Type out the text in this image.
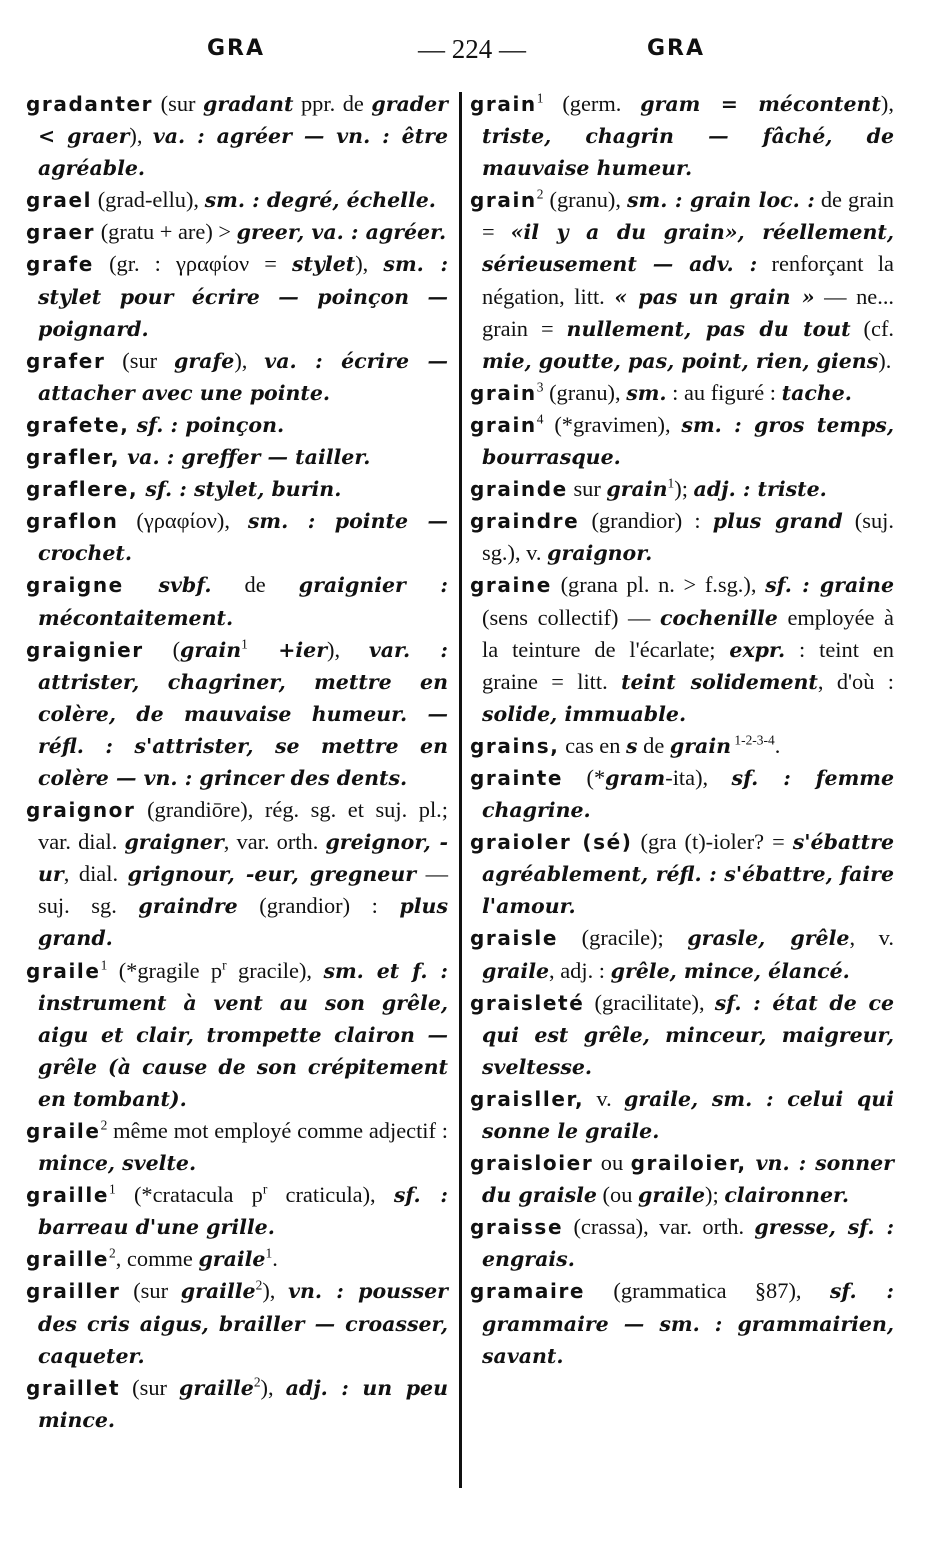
GRA	— 224 —	GRA

gradanter (sur gradant ppr. de grader < graer), va. : agréer — vn. : être agréable.

grael (grad-ellu), sm. : degré, échelle.

graer (gratu + are) > greer, va. : agréer.

grafe (gr. : γραφίον = stylet), sm. : stylet pour écrire — poinçon — poignard.

grafer (sur grafe), va. : écrire — attacher avec une pointe.

grafete, sf. : poinçon.

grafler, va. : greffer — tailler.

graflere, sf. : stylet, burin.

graflon (γραφίον), sm. : pointe — crochet.

graigne svbf. de graignier : mécontaitement.

graignier (grain$^1$ +ier), var. : attrister, chagriner, mettre en colère, de mauvaise humeur. — réfl. : s'attrister, se mettre en colère — vn. : grincer des dents.

graignor (grandiōre), rég. sg. et suj. pl.; var. dial. graigner, var. orth. greignor, -ur, dial. grignour, -eur, gregneur — suj. sg. graindre (grandior) : plus grand.

graile$^1$ (*gragile $p^r$ gracile), sm. et f. : instrument à vent au son grêle, aigu et clair, trompette clairon — grêle (à cause de son crépitement en tombant).

graile$^2$ même mot employé comme adjectif : mince, svelte.

graille$^1$ (*cratacula $p^r$ craticula), sf. : barreau d'une grille.

graille$^2$, comme graile$^1$.

grailler (sur graille$^2$), vn. : pousser des cris aigus, brailler — croasser, caqueter.

graillet (sur graille$^2$), adj. : un peu mince.

grain$^1$ (germ. gram = mécontent), triste, chagrin — fâché, de mauvaise humeur.

grain$^2$ (granu), sm. : grain loc. : de grain = «il y a du grain», réellement, sérieusement — adv. : renforçant la négation, litt. « pas un grain » — ne... grain = nullement, pas du tout (cf. mie, goutte, pas, point, rien, giens).

grain$^3$ (granu), sm. : au figuré : tache.

grain$^4$ (*gravimen), sm. : gros temps, bourrasque.

grainde sur grain$^1$); adj. : triste.

graindre (grandior) : plus grand (suj. sg.), v. graignor.

graine (grana pl. n. > f.sg.), sf. : graine (sens collectif) — cochenille employée à la teinture de l'écarlate; expr. : teint en graine = litt. teint solidement, d'où : solide, immuable.

grains, cas en s de grain $^{1-2-3-4}$.

grainte (*gram-ita), sf. : femme chagrine.

graioler (sé) (gra (t)-ioler? = s'ébattre agréablement, réfl. : s'ébattre, faire l'amour.

graisle (gracile); grasle, grêle, v. graile, adj. : grêle, mince, élancé.

graisleté (gracilitate), sf. : état de ce qui est grêle, minceur, maigreur, sveltesse.

graisller, v. graile, sm. : celui qui sonne le graile.

graisloier ou grailoier, vn. : sonner du graisle (ou graile); claironner.

graisse (crassa), var. orth. gresse, sf. : engrais.

gramaire (grammatica §87), sf. : grammaire — sm. : grammairien, savant.
